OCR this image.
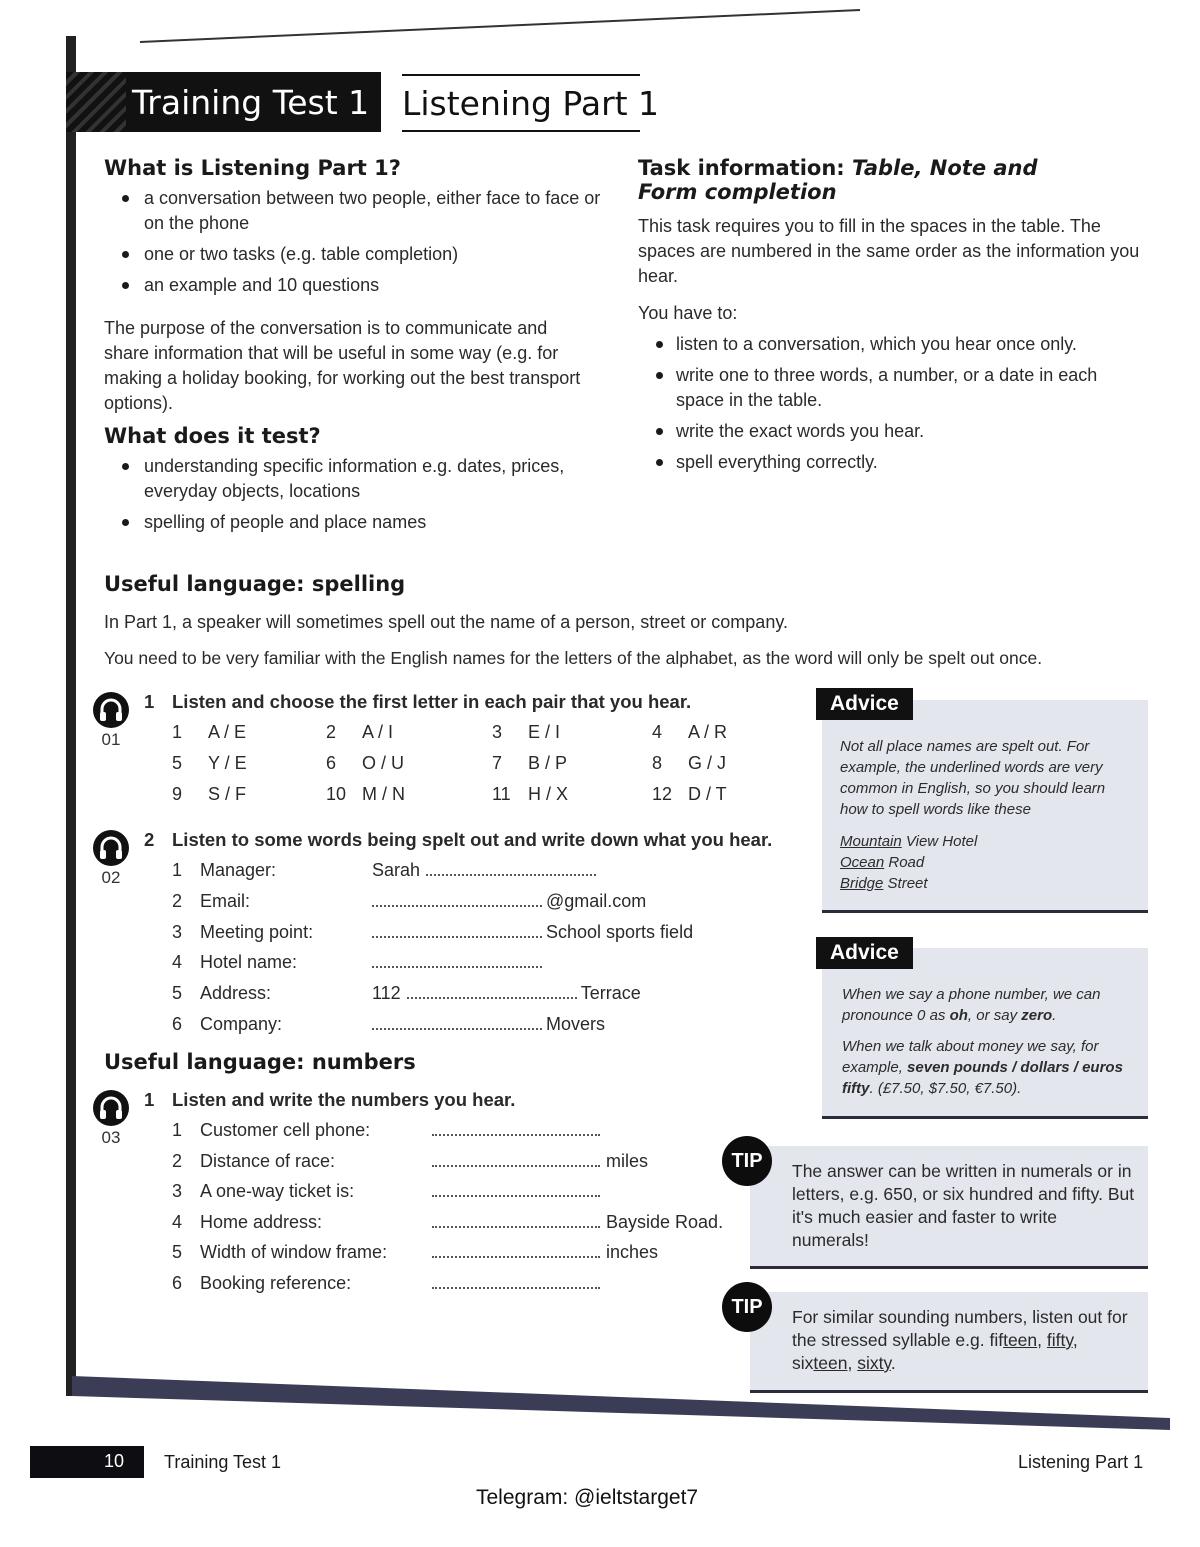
Training Test 1 Listening Part 1
What is Listening Part 1?
a conversation between two people, either face to face or on the phone
one or two tasks (e.g. table completion)
an example and 10 questions
The purpose of the conversation is to communicate and share information that will be useful in some way (e.g. for making a holiday booking, for working out the best transport options).
What does it test?
understanding specific information e.g. dates, prices, everyday objects, locations
spelling of people and place names
Task information: Table, Note and
Form completion
This task requires you to fill in the spaces in the table. The spaces are numbered in the same order as the information you hear.
You have to:
listen to a conversation, which you hear once only.
write one to three words, a number, or a date in each space in the table.
write the exact words you hear.
spell everything correctly.
Useful language: spelling
In Part 1, a speaker will sometimes spell out the name of a person, street or company.
You need to be very familiar with the English names for the letters of the alphabet, as the word will only be spelt out once.
01
1 Listen and choose the first letter in each pair that you hear.
1 A / E	2 A / I	3 E / I	4 A / R
5 Y / E	6 O / U	7 B / P	8 G / J
9 S / F	10 M / N	11 H / X	12 D / T
02
2 Listen to some words being spelt out and write down what you hear.
1 Manager:	Sarah
2 Email:	@gmail.com
3 Meeting point:	School sports field
4 Hotel name:
5 Address:	112	Terrace
6 Company:	Movers
Useful language: numbers
03
1 Listen and write the numbers you hear.
1 Customer cell phone:
2 Distance of race:	miles
3 A one-way ticket is:
4 Home address:	Bayside Road.
5 Width of window frame:	inches
6 Booking reference:
Not all place names are spelt out. For example, the underlined words are very common in English, so you should learn how to spell words like these
Mountain View Hotel
Ocean Road
Bridge Street
Advice
When we say a phone number, we can pronounce 0 as oh, or say zero.
When we talk about money we say, for example, seven pounds / dollars / euros fifty. (£7.50, $7.50, €7.50).
Advice
The answer can be written in numerals or in letters, e.g. 650, or six hundred and fifty. But it's much easier and faster to write numerals!
TIP
For similar sounding numbers, listen out for the stressed syllable e.g. fifteen, fifty, sixteen, sixty.
TIP
10 Training Test 1	Listening Part 1
Telegram: @ieltstarget7
